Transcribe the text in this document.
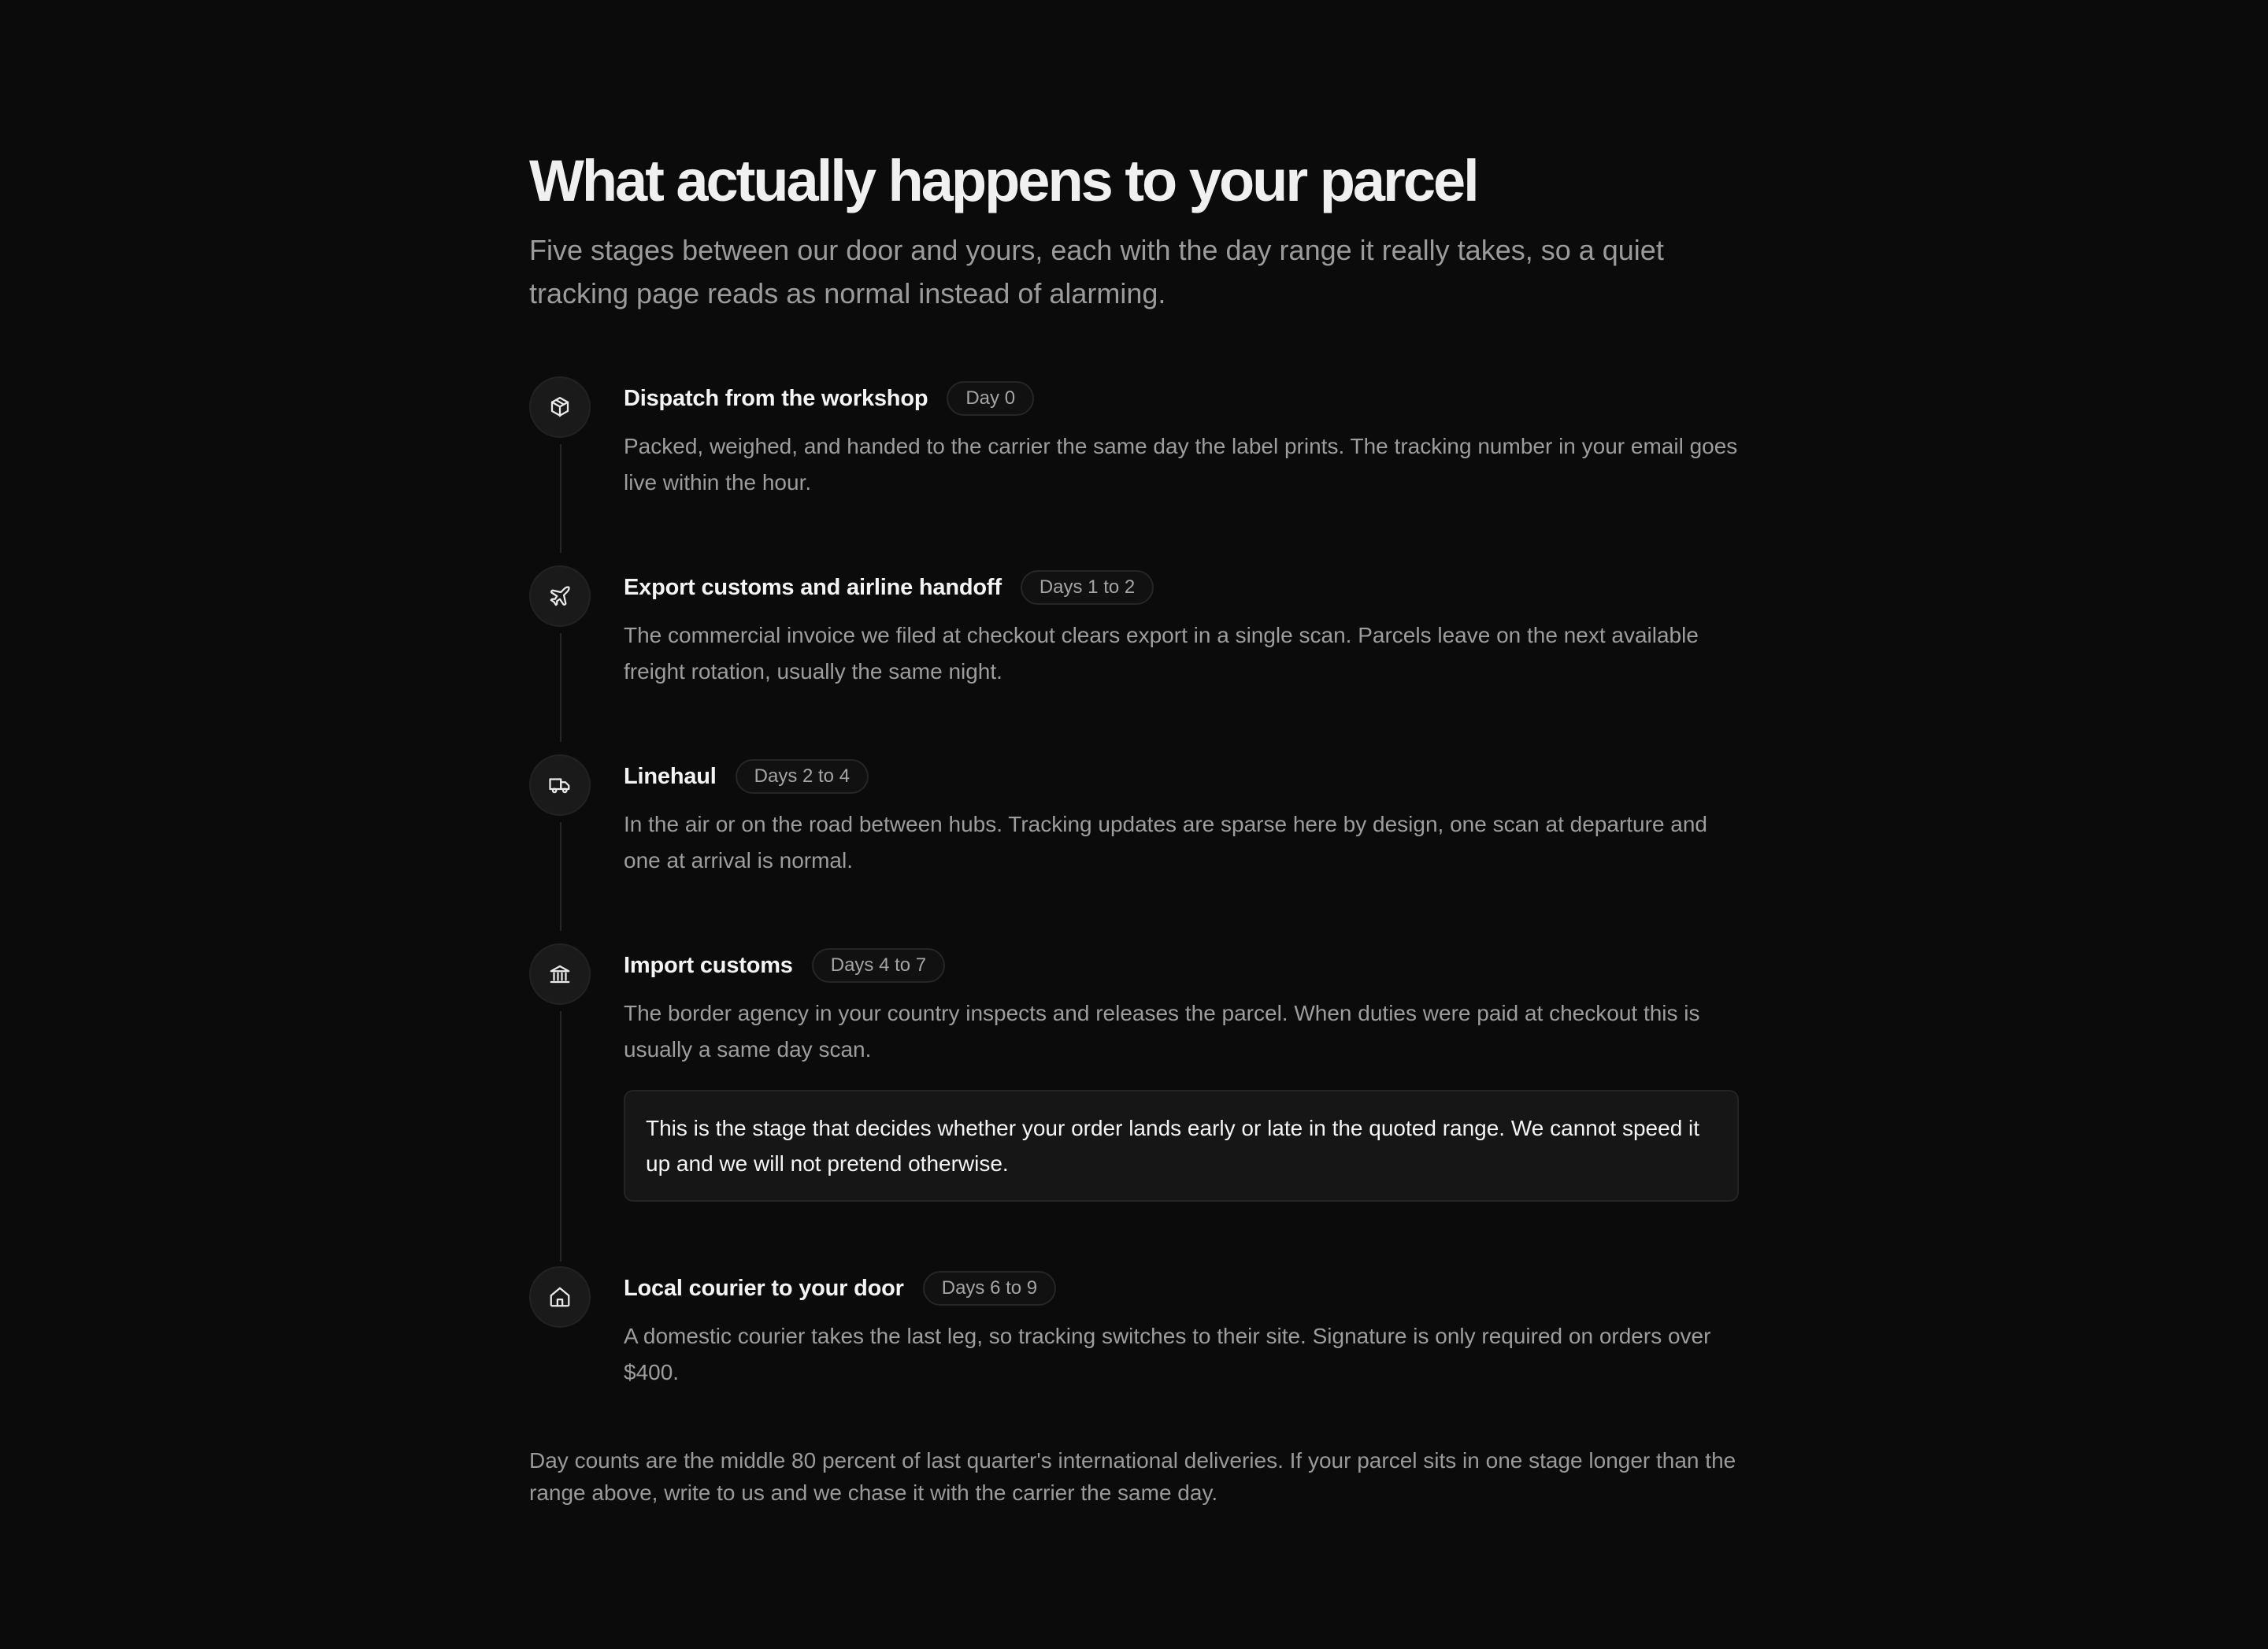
What actually happens to your parcel

Five stages between our door and yours, each with the day range it really takes, so a quiet tracking page reads as normal instead of alarming.

Dispatch from the workshop	Day 0

Packed, weighed, and handed to the carrier the same day the label prints. The tracking number in your email goes live within the hour.

Export customs and airline handoff	Days 1 to 2

The commercial invoice we filed at checkout clears export in a single scan. Parcels leave on the next available freight rotation, usually the same night.

Linehaul	Days 2 to 4

In the air or on the road between hubs. Tracking updates are sparse here by design, one scan at departure and one at arrival is normal.

Import customs	Days 4 to 7

The border agency in your country inspects and releases the parcel. When duties were paid at checkout this is usually a same day scan.

This is the stage that decides whether your order lands early or late in the quoted range. We cannot speed it up and we will not pretend otherwise.
Local courier to your door	Days 6 to 9

A domestic courier takes the last leg, so tracking switches to their site. Signature is only required on orders over $400.

Day counts are the middle 80 percent of last quarter's international deliveries. If your parcel sits in one stage longer than the range above, write to us and we chase it with the carrier the same day.
